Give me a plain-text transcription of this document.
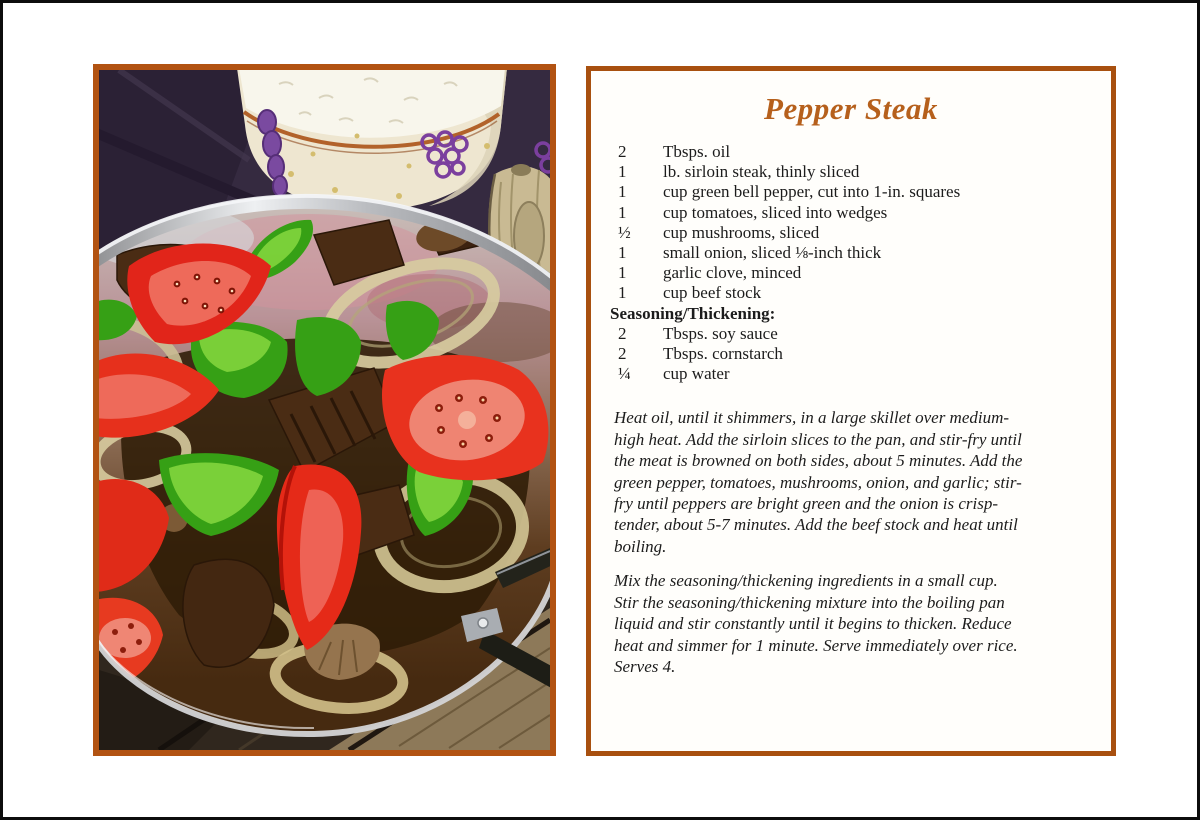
Pepper Steak
2	Tbsps. oil
1	lb. sirloin steak, thinly sliced
1	cup green bell pepper, cut into 1-in. squares
1	cup tomatoes, sliced into wedges
½	cup mushrooms, sliced
1	small onion, sliced ⅛-inch thick
1	garlic clove, minced
1	cup beef stock
Seasoning/Thickening:
2	Tbsps. soy sauce
2	Tbsps. cornstarch
¼	cup water

Heat oil, until it shimmers, in a large skillet over medium-high heat. Add the sirloin slices to the pan, and stir-fry until the meat is browned on both sides, about 5 minutes. Add the green pepper, tomatoes, mushrooms, onion, and garlic; stir-fry until peppers are bright green and the onion is crisp-tender, about 5-7 minutes. Add the beef stock and heat until boiling.

Mix the seasoning/thickening ingredients in a small cup. Stir the seasoning/thickening mixture into the boiling pan liquid and stir constantly until it begins to thicken. Reduce heat and simmer for 1 minute. Serve immediately over rice. Serves 4.
